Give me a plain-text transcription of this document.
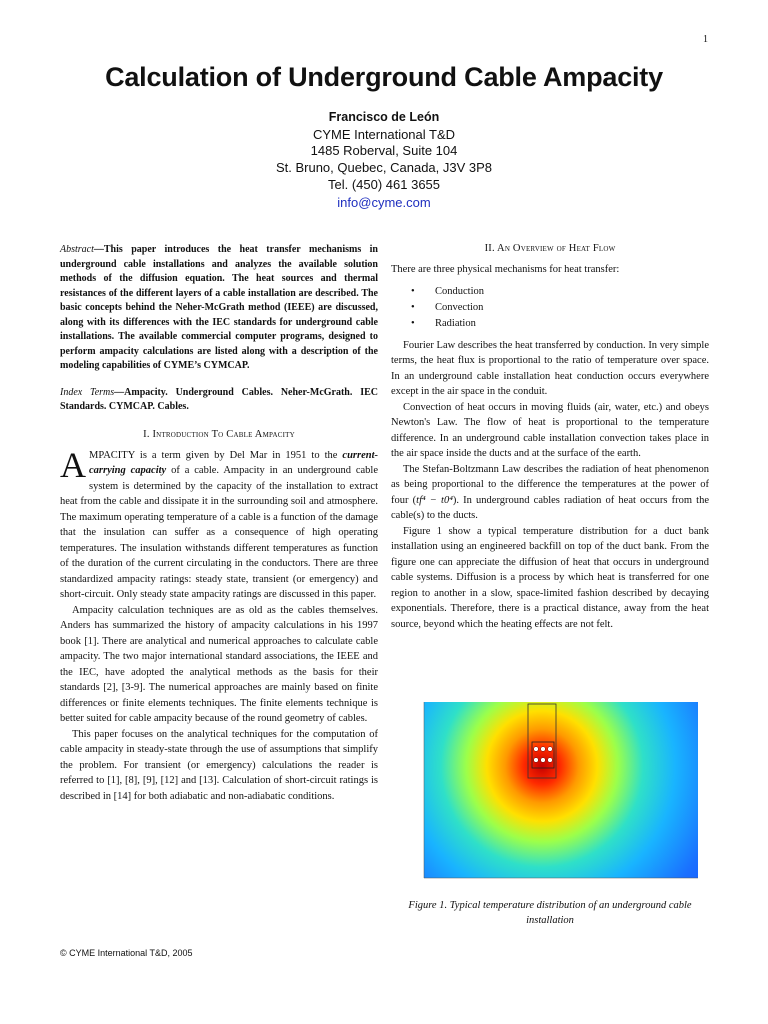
1
Calculation of Underground Cable Ampacity
Francisco de León
CYME International T&D
1485 Roberval, Suite 104
St. Bruno, Quebec, Canada, J3V 3P8
Tel. (450) 461 3655
info@cyme.com

Abstract—This paper introduces the heat transfer mechanisms in underground cable installations and analyzes the available solution methods of the diffusion equation. The heat sources and thermal resistances of the different layers of a cable installation are described. The basic concepts behind the Neher-McGrath method (IEEE) are discussed, along with its differences with the IEC standards for underground cable installations. The available commercial computer programs, designed to perform ampacity calculations are listed along with a description of the modeling capabilities of CYME’s CYMCAP.

Index Terms—Ampacity. Underground Cables. Neher-McGrath. IEC Standards. CYMCAP. Cables.

I. Introduction To Cable Ampacity

AMPACITY is a term given by Del Mar in 1951 to the current-carrying capacity of a cable. Ampacity in an underground cable system is determined by the capacity of the installation to extract heat from the cable and dissipate it in the surrounding soil and atmosphere. The maximum operating temperature of a cable is a function of the damage that the insulation can suffer as a consequence of high operating temperatures. The insulation withstands different temperatures as function of the duration of the current circulating in the conductors. There are three standardized ampacity ratings: steady state, transient (or emergency) and short-circuit. Only steady state ampacity ratings are discussed in this paper.

Ampacity calculation techniques are as old as the cables themselves. Anders has summarized the history of ampacity calculations in his 1997 book [1]. There are analytical and numerical approaches to calculate cable ampacity. The two major international standard associations, the IEEE and the IEC, have adopted the analytical methods as the basis for their standards [2], [3-9]. The numerical approaches are mainly based on finite differences or finite elements techniques. The finite elements technique is better suited for cable ampacity because of the round geometry of cables.

This paper focuses on the analytical techniques for the computation of cable ampacity in steady-state through the use of assumptions that simplify the problem. For transient (or emergency) calculations the reader is referred to [1], [8], [9], [12] and [13]. Calculation of short-circuit ratings is described in [14] for both adiabatic and non-adiabatic conditions.

II. An Overview of Heat Flow

There are three physical mechanisms for heat transfer:

• Conduction
• Convection
• Radiation

Fourier Law describes the heat transferred by conduction. In very simple terms, the heat flux is proportional to the ratio of temperature over space. In an underground cable installation heat conduction occurs everywhere except in the air space in the conduit.

Convection of heat occurs in moving fluids (air, water, etc.) and obeys Newton's Law. The flow of heat is proportional to the temperature difference. In an underground cable installation convection takes place in the air space inside the ducts and at the surface of the earth.

The Stefan-Boltzmann Law describes the radiation of heat phenomenon as being proportional to the difference the temperatures at the power of four (tf⁴ − t0⁴). In underground cables radiation of heat occurs from the cable(s) to the ducts.

Figure 1 show a typical temperature distribution for a duct bank installation using an engineered backfill on top of the duct bank. From the figure one can appreciate the diffusion of heat that occurs in underground cable systems. Diffusion is a process by which heat is transferred for one region to another in a slow, space-limited fashion described by decaying exponentials. Therefore, there is a practical distance, away from the heat source, beyond which the heating effects are not felt.

Figure 1. Typical temperature distribution of an underground cable installation
© CYME International T&D, 2005
